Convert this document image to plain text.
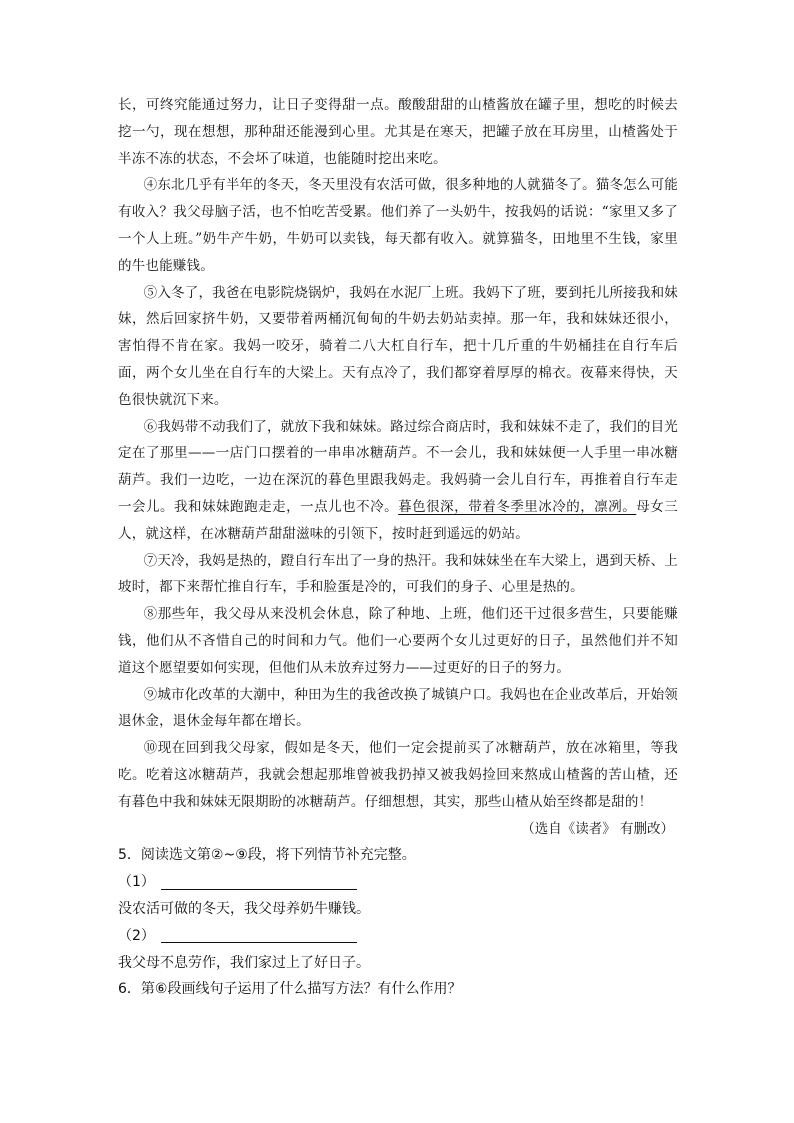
长，可终究能通过努力，让日子变得甜一点。酸酸甜甜的山楂酱放在罐子里，想吃的时候去挖一勺，现在想想，那种甜还能漫到心里。尤其是在寒天，把罐子放在耳房里，山楂酱处于半冻不冻的状态，不会坏了味道，也能随时挖出来吃。

④东北几乎有半年的冬天，冬天里没有农活可做，很多种地的人就猫冬了。猫冬怎么可能有收入？我父母脑子活，也不怕吃苦受累。他们养了一头奶牛，按我妈的话说：“家里又多了一个人上班。”奶牛产牛奶，牛奶可以卖钱，每天都有收入。就算猫冬，田地里不生钱，家里的牛也能赚钱。

⑤入冬了，我爸在电影院烧锅炉，我妈在水泥厂上班。我妈下了班，要到托儿所接我和妹妹，然后回家挤牛奶，又要带着两桶沉甸甸的牛奶去奶站卖掉。那一年，我和妹妹还很小，害怕得不肯在家。我妈一咬牙，骑着二八大杠自行车，把十几斤重的牛奶桶挂在自行车后面，两个女儿坐在自行车的大梁上。天有点冷了，我们都穿着厚厚的棉衣。夜幕来得快，天色很快就沉下来。

⑥我妈带不动我们了，就放下我和妹妹。路过综合商店时，我和妹妹不走了，我们的目光定在了那里——一店门口摆着的一串串冰糖葫芦。不一会儿，我和妹妹便一人手里一串冰糖葫芦。我们一边吃，一边在深沉的暮色里跟我妈走。我妈骑一会儿自行车，再推着自行车走一会儿。我和妹妹跑跑走走，一点儿也不冷。暮色很深，带着冬季里冰冷的，凛冽。母女三人，就这样，在冰糖葫芦甜甜滋味的引领下，按时赶到遥远的奶站。

⑦天冷，我妈是热的，蹬自行车出了一身的热汗。我和妹妹坐在车大梁上，遇到天桥、上坡时，都下来帮忙推自行车，手和脸蛋是冷的，可我们的身子、心里是热的。

⑧那些年，我父母从来没机会休息，除了种地、上班，他们还干过很多营生，只要能赚钱，他们从不吝惜自己的时间和力气。他们一心要两个女儿过更好的日子，虽然他们并不知道这个愿望要如何实现，但他们从未放弃过努力——过更好的日子的努力。

⑨城市化改革的大潮中，种田为生的我爸改换了城镇户口。我妈也在企业改革后，开始领退休金，退休金每年都在增长。

⑩现在回到我父母家，假如是冬天，他们一定会提前买了冰糖葫芦，放在冰箱里，等我吃。吃着这冰糖葫芦，我就会想起那堆曾被我扔掉又被我妈捡回来熬成山楂酱的苦山楂，还有暮色中我和妹妹无限期盼的冰糖葫芦。仔细想想，其实，那些山楂从始至终都是甜的！

（选自《读者》 有删改）

5．阅读选文第②~⑨段，将下列情节补充完整。

（1）

没农活可做的冬天，我父母养奶牛赚钱。

（2）

我父母不息劳作，我们家过上了好日子。

6．第⑥段画线句子运用了什么描写方法？有什么作用？
